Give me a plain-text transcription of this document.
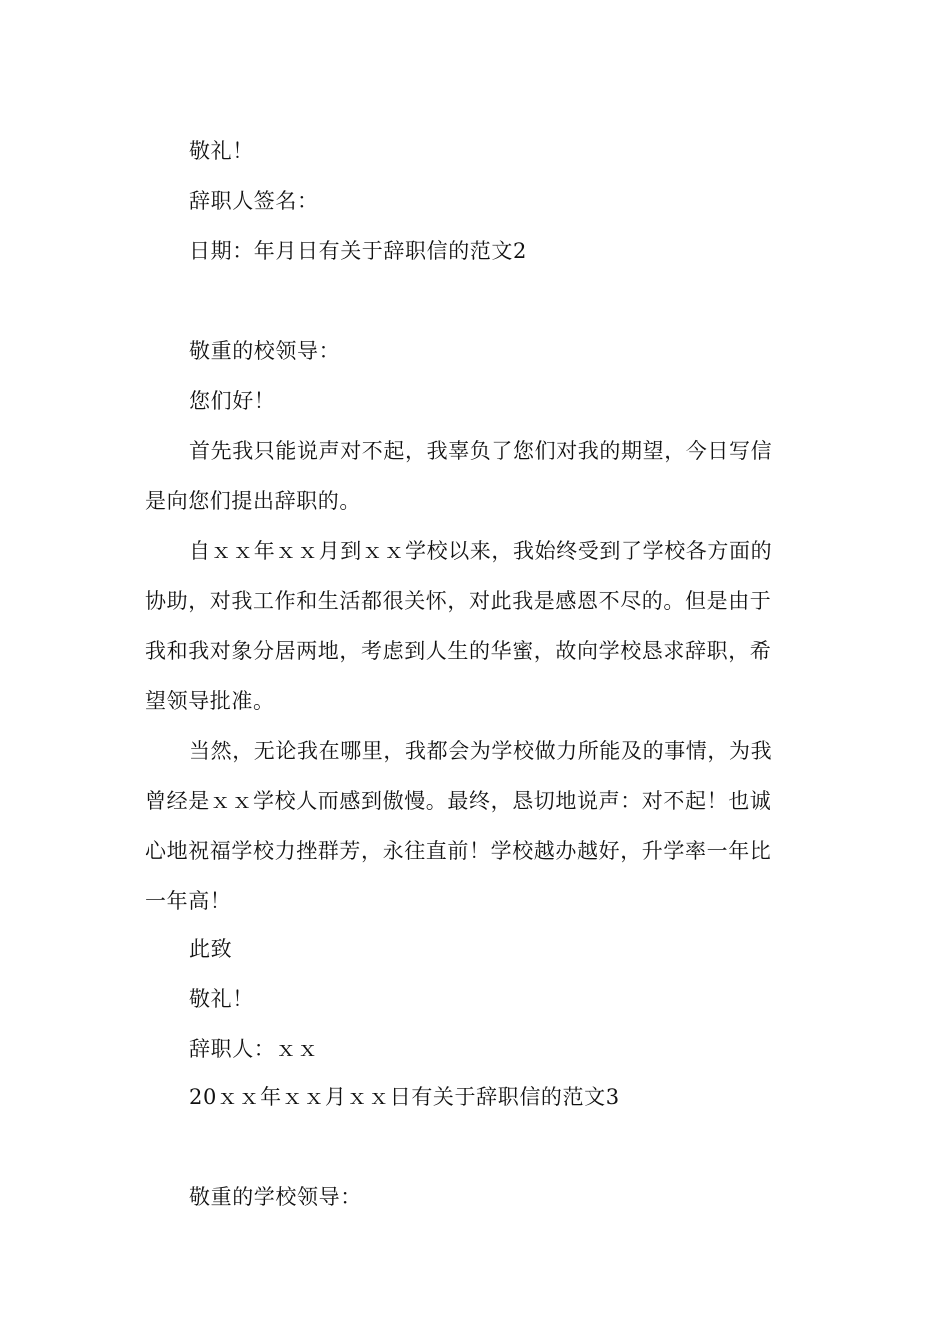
敬礼！
辞职人签名：
日期：年月日有关于辞职信的范文2
敬重的校领导：
您们好！
首先我只能说声对不起，我辜负了您们对我的期望，今日写信
是向您们提出辞职的。
自ｘｘ年ｘｘ月到ｘｘ学校以来，我始终受到了学校各方面的
协助，对我工作和生活都很关怀，对此我是感恩不尽的。但是由于
我和我对象分居两地，考虑到人生的华蜜，故向学校恳求辞职，希
望领导批准。
当然，无论我在哪里，我都会为学校做力所能及的事情，为我
曾经是ｘｘ学校人而感到傲慢。最终，恳切地说声：对不起！也诚
心地祝福学校力挫群芳，永往直前！学校越办越好，升学率一年比
一年高！
此致
敬礼！
辞职人：ｘｘ
20ｘｘ年ｘｘ月ｘｘ日有关于辞职信的范文3
敬重的学校领导：
